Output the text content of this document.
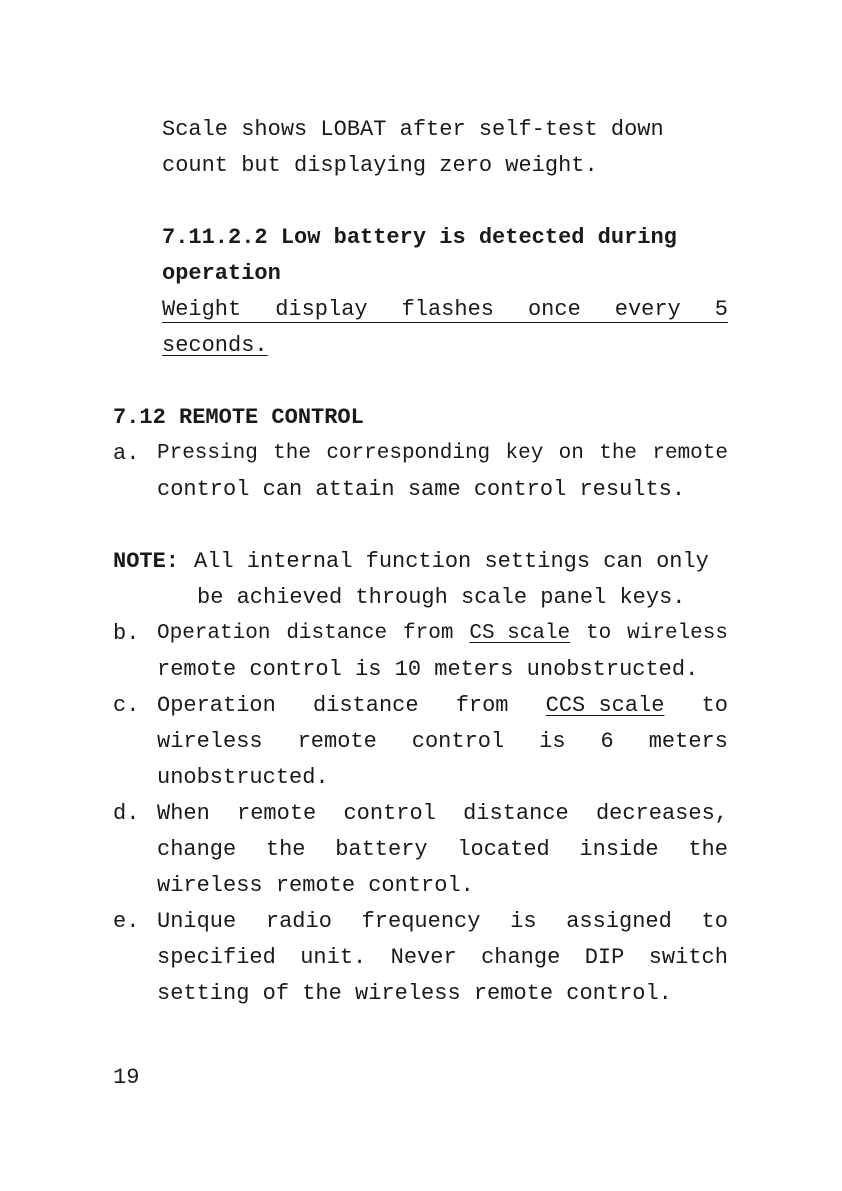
Scale shows LOBAT after self-test down
count but displaying zero weight.
7.11.2.2 Low battery is detected during
operation
Weight display flashes once every 5
seconds.
7.12 REMOTE CONTROL
a. Pressing the corresponding key on the remote
control can attain same control results.
NOTE: All internal function settings can only
be achieved through scale panel keys.
b. Operation distance from CS scale to wireless
remote control is 10 meters unobstructed.
c. Operation distance from CCS scale to
wireless remote control is 6 meters
unobstructed.
d. When remote control distance decreases,
change the battery located inside the
wireless remote control.
e. Unique radio frequency is assigned to
specified unit. Never change DIP switch
setting of the wireless remote control.
19
